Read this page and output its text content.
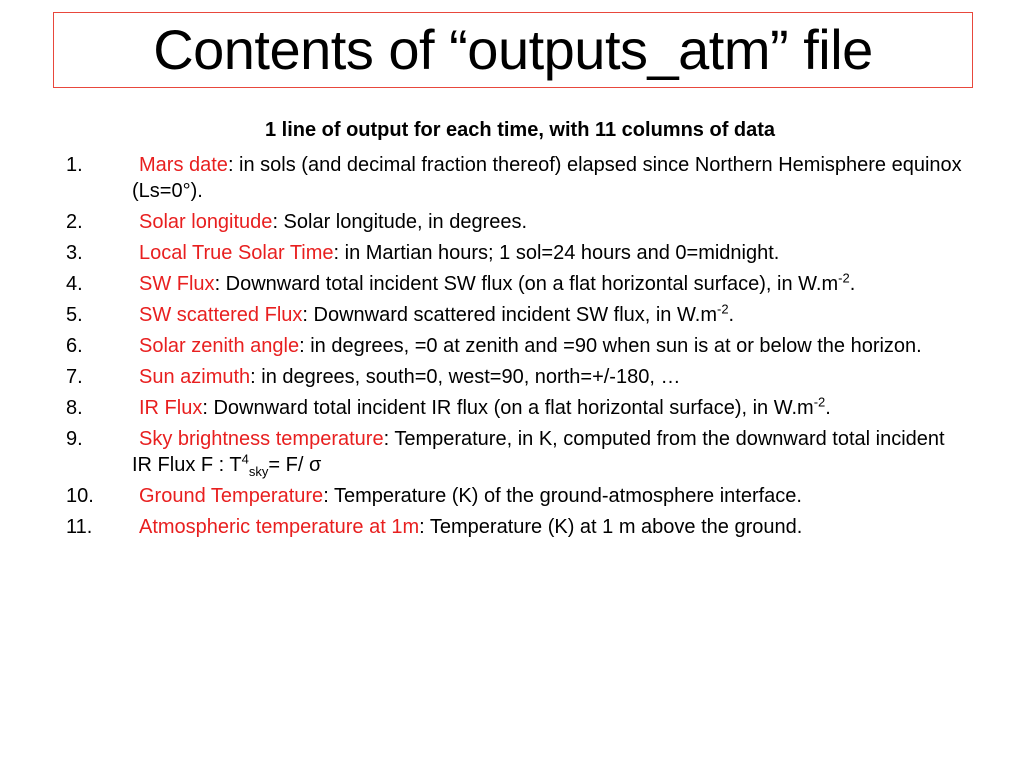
Contents of “outputs_atm” file
1 line of output for each time, with 11 columns of data
1.	Mars date: in sols (and decimal fraction thereof) elapsed since Northern Hemisphere equinox (Ls=0°).
2.	Solar longitude: Solar longitude, in degrees.
3.	Local True Solar Time: in Martian hours; 1 sol=24 hours and 0=midnight.
4.	SW Flux: Downward total incident SW flux (on a flat horizontal surface), in $W.m^{-2}$.
5.	SW scattered Flux: Downward scattered incident SW flux, in $W.m^{-2}$.
6.	Solar zenith angle: in degrees, =0 at zenith and =90 when sun is at or below the horizon.
7.	Sun azimuth: in degrees, south=0, west=90, north=+/-180, …
8.	IR Flux: Downward total incident IR flux (on a flat horizontal surface), in $W.m^{-2}$.
9.	Sky brightness temperature: Temperature, in K, computed from the downward total incident IR Flux F : $T^4_{sky}= F/$ σ
10.	Ground Temperature: Temperature (K) of the ground-atmosphere interface.
11.	Atmospheric temperature at 1m: Temperature (K) at 1 m above the ground.
